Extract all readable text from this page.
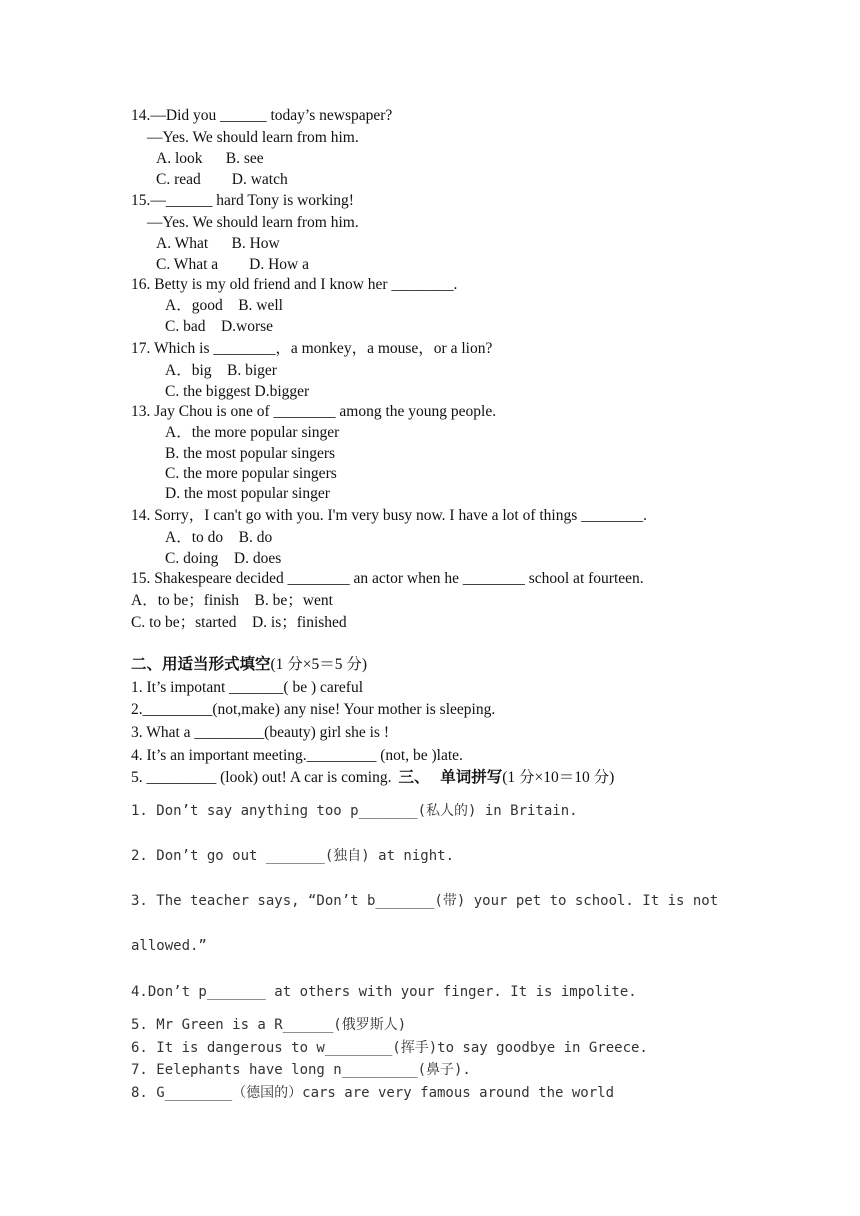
14.—Did you ______ today’s newspaper?
—Yes. We should learn from him.
A. look      B. see
C. read        D. watch
15.—______ hard Tony is working!
—Yes. We should learn from him.
A. What      B. How
C. What a        D. How a
16. Betty is my old friend and I know her ________.
A．good    B. well
C. bad    D.worse
17. Which is ________，a monkey，a mouse，or a lion?
A．big    B. biger
C. the biggest D.bigger
13. Jay Chou is one of ________ among the young people.
A．the more popular singer
B. the most popular singers
C. the more popular singers
D. the most popular singer
14. Sorry，I can't go with you. I'm very busy now. I have a lot of things ________.
A．to do    B. do
C. doing    D. does
15. Shakespeare decided ________ an actor when he ________ school at fourteen.
A．to be；finish    B. be；went
C. to be；started    D. is；finished
二、用适当形式填空(1 分×5＝5 分)
1. It’s impotant _______( be ) careful
2._________(not,make) any nise! Your mother is sleeping.
3. What a _________(beauty) girl she is !
4. It’s an important meeting._________ (not, be )late.
5. _________ (look) out! A car is coming. 三、  单词拼写(1 分×10＝10 分)
1. Don’t say anything too p_______(私人的) in Britain.
2. Don’t go out _______(独自) at night.
3. The teacher says, “Don’t b_______(带) your pet to school. It is not
allowed.”
4.Don’t p_______ at others with your finger. It is impolite.
5. Mr Green is a R______(俄罗斯人)
6. It is dangerous to w________(挥手)to say goodbye in Greece.
7. Eelephants have long n_________(鼻子).
8. G________（德国的）cars are very famous around the world
